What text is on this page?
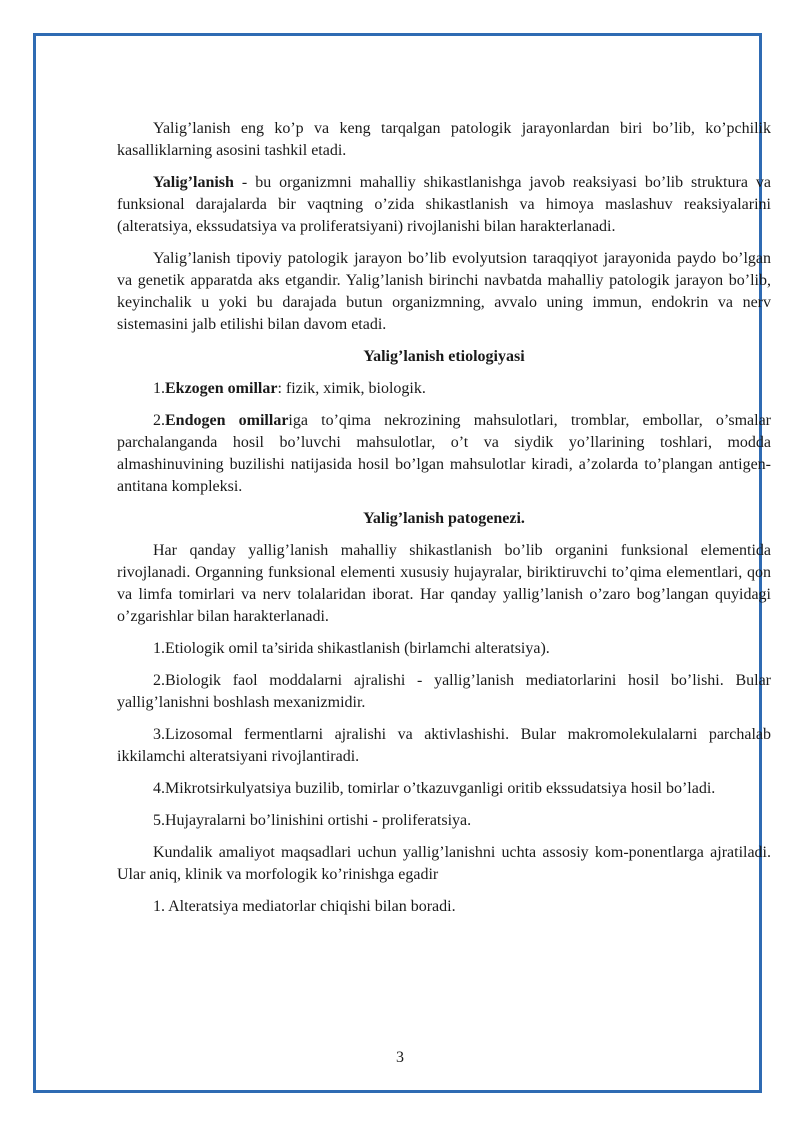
Yalig’lanish eng ko’p va keng tarqalgan patologik jarayonlardan biri bo’lib, ko’pchilik kasalliklarning asosini tashkil etadi.

Yalig’lanish - bu organizmni mahalliy shikastlanishga javob reaksiyasi bo’lib struktura va funksional darajalarda bir vaqtning o’zida shikastlanish va himoya maslashuv reaksiyalarini (alteratsiya, ekssudatsiya va proliferatsiyani) rivojlanishi bilan harakterlanadi.

Yalig’lanish tipoviy patologik jarayon bo’lib evolyutsion taraqqiyot jarayonida paydo bo’lgan va genetik apparatda aks etgandir. Yalig’lanish birinchi navbatda mahalliy patologik jarayon bo’lib, keyinchalik u yoki bu darajada butun organizmning, avvalo uning immun, endokrin va nerv sistemasini jalb etilishi bilan davom etadi.

Yalig’lanish etiologiyasi

1.Ekzogen omillar: fizik, ximik, biologik.

2.Endogen omillariga to’qima nekrozining mahsulotlari, tromblar, embollar, o’smalar parchalanganda hosil bo’luvchi mahsulotlar, o’t va siydik yo’llarining toshlari, modda almashinuvining buzilishi natijasida hosil bo’lgan mahsulotlar kiradi, a’zolarda to’plangan antigen-antitana kompleksi.

Yalig’lanish patogenezi.

Har qanday yallig’lanish mahalliy shikastlanish bo’lib organini funksional elementida rivojlanadi. Organning funksional elementi xususiy hujayralar, biriktiruvchi to’qima elementlari, qon va limfa tomirlari va nerv tolalaridan iborat. Har qanday yallig’lanish o’zaro bog’langan quyidagi o’zgarishlar bilan harakterlanadi.

1.Etiologik omil ta’sirida shikastlanish (birlamchi alteratsiya).

2.Biologik faol moddalarni ajralishi - yallig’lanish mediatorlarini hosil bo’lishi. Bular yallig’lanishni boshlash mexanizmidir.

3.Lizosomal fermentlarni ajralishi va aktivlashishi. Bular makromolekulalarni parchalab ikkilamchi alteratsiyani rivojlantiradi.

4.Mikrotsirkulyatsiya buzilib, tomirlar o’tkazuvganligi oritib ekssudatsiya hosil bo’ladi.

5.Hujayralarni bo’linishini ortishi - proliferatsiya.

Kundalik amaliyot maqsadlari uchun yallig’lanishni uchta assosiy kom-ponentlarga ajratiladi. Ular aniq, klinik va morfologik ko’rinishga egadir

1. Alteratsiya mediatorlar chiqishi bilan boradi.

3
